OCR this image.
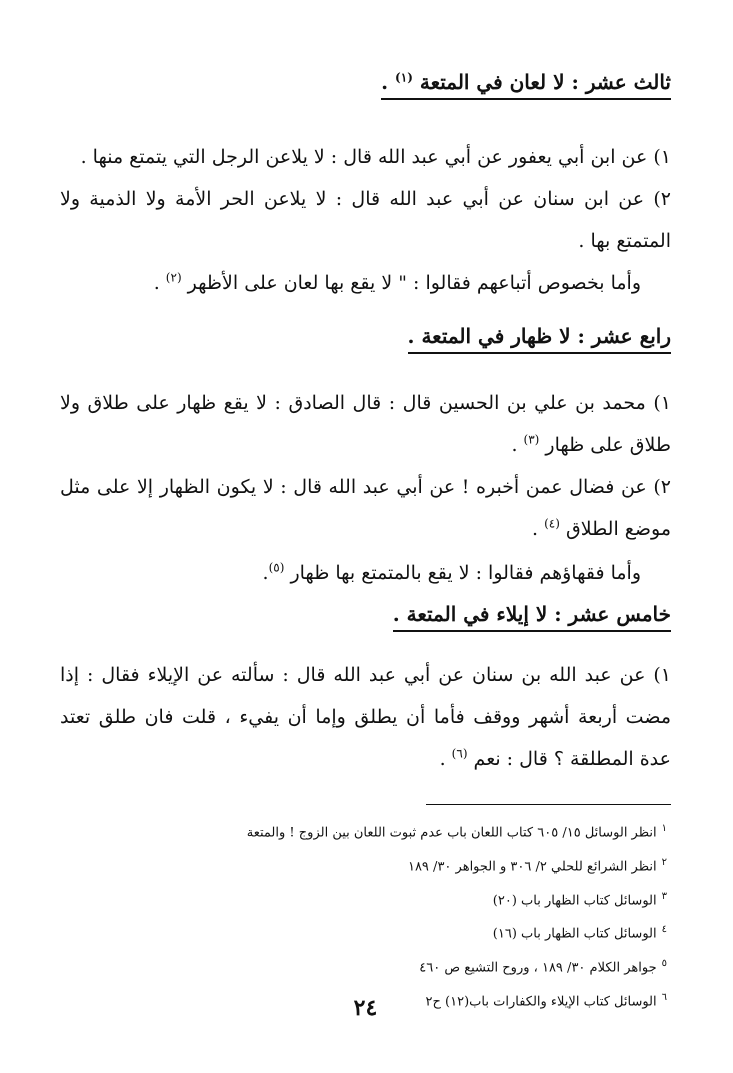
ثالث عشر : لا لعان في المتعة $^{(١)}$ .
١) عن ابن أبي يعفور عن أبي عبد الله قال : لا يلاعن الرجل التي يتمتع منها .
٢) عن ابن سنان عن أبي عبد الله قال : لا يلاعن الحر الأمة ولا الذمية ولا المتمتع بها .
وأما بخصوص أتباعهم فقالوا : " لا يقع بها لعان على الأظهر $^{(٢)}$ .
رابع عشر : لا ظهار في المتعة .
١) محمد بن علي بن الحسين قال : قال الصادق : لا يقع ظهار على طلاق ولا طلاق على ظهار $^{(٣)}$ .
٢) عن فضال عمن أخبره ! عن أبي عبد الله قال : لا يكون الظهار إلا على مثل موضع الطلاق $^{(٤)}$ .
وأما فقهاؤهم فقالوا : لا يقع بالمتمتع بها ظهار $^{(٥)}$.
خامس عشر : لا إيلاء في المتعة .
١) عن عبد الله بن سنان عن أبي عبد الله قال : سألته عن الإيلاء فقال : إذا مضت أربعة أشهر ووقف فأما أن يطلق وإما أن يفيء ، قلت فان طلق تعتد عدة المطلقة ؟ قال : نعم $^{(٦)}$ .
$^١$انظر الوسائل ١٥/ ٦٠٥ كتاب اللعان باب عدم ثبوت اللعان بين الزوج ! والمتعة
$^٢$انظر الشرائع للحلي ٢/ ٣٠٦ و الجواهر ٣٠/ ١٨٩
$^٣$الوسائل كتاب الظهار باب (٢٠)
$^٤$الوسائل كتاب الظهار باب (١٦)
$^٥$جواهر الكلام ٣٠/ ١٨٩ ، وروح التشيع ص ٤٦٠
$^٦$الوسائل كتاب الإيلاء والكفارات باب(١٢) ح٢
٢٤
